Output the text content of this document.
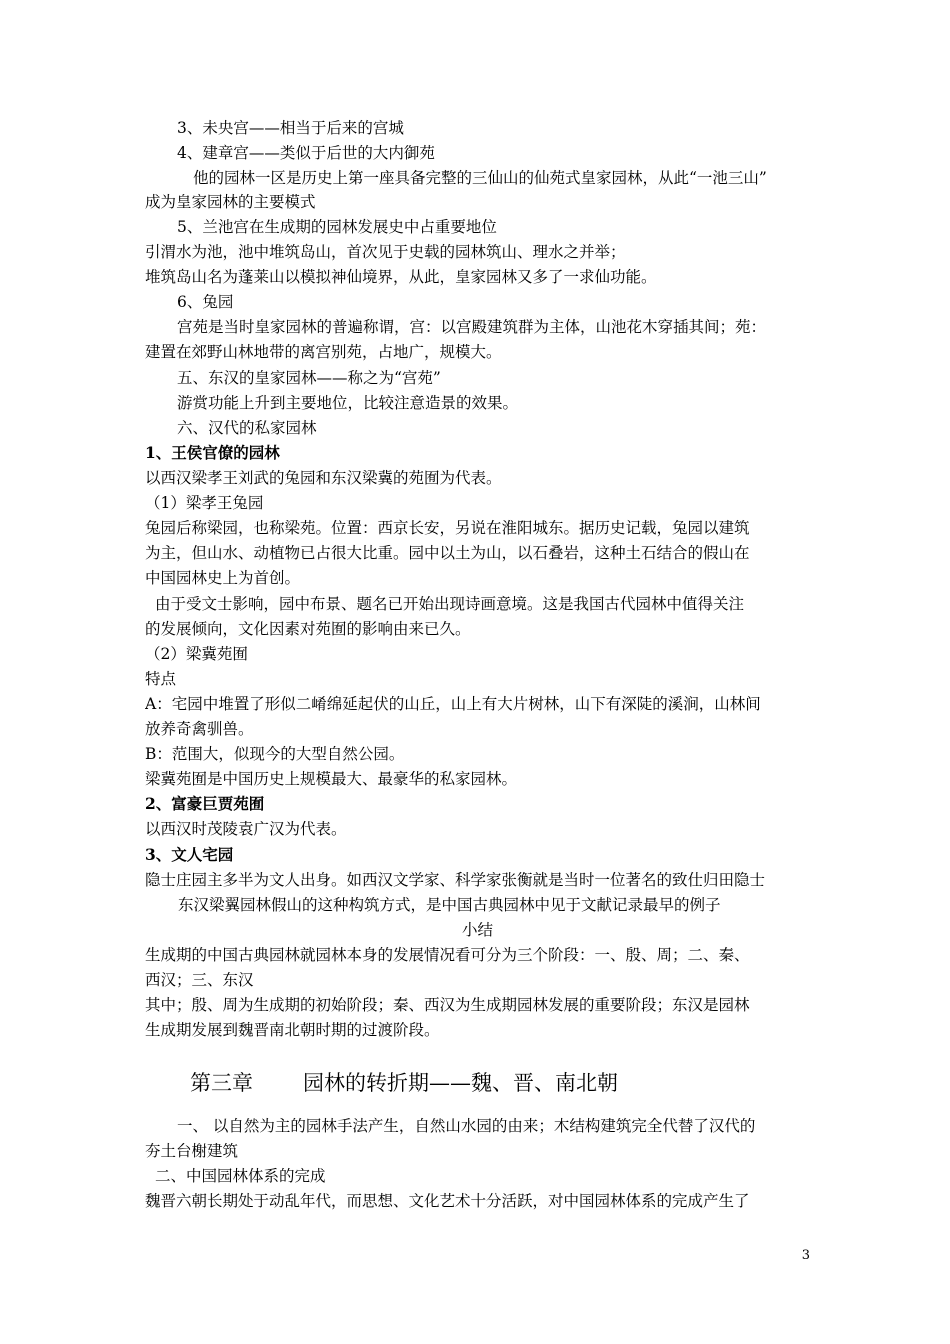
3、未央宫——相当于后来的宫城
4、建章宫——类似于后世的大内御苑
他的园林一区是历史上第一座具备完整的三仙山的仙苑式皇家园林，从此“一池三山”
成为皇家园林的主要模式
5、兰池宫在生成期的园林发展史中占重要地位
引渭水为池，池中堆筑岛山，首次见于史载的园林筑山、理水之并举；
堆筑岛山名为蓬莱山以模拟神仙境界，从此，皇家园林又多了一求仙功能。
6、兔园
宫苑是当时皇家园林的普遍称谓，宫：以宫殿建筑群为主体，山池花木穿插其间；苑：
建置在郊野山林地带的离宫别苑，占地广，规模大。
五、东汉的皇家园林——称之为“宫苑”
游赏功能上升到主要地位，比较注意造景的效果。
六、汉代的私家园林
1、王侯官僚的园林
以西汉梁孝王刘武的兔园和东汉梁冀的苑囿为代表。
（1）梁孝王兔园
兔园后称梁园，也称梁苑。位置：西京长安，另说在淮阳城东。据历史记载，兔园以建筑
为主，但山水、动植物已占很大比重。园中以土为山，以石叠岩，这种土石结合的假山在
中国园林史上为首创。
由于受文士影响，园中布景、题名已开始出现诗画意境。这是我国古代园林中值得关注
的发展倾向，文化因素对苑囿的影响由来已久。
（2）梁冀苑囿
特点
A：宅园中堆置了形似二崤绵延起伏的山丘，山上有大片树林，山下有深陡的溪涧，山林间
放养奇禽驯兽。
B：范围大，似现今的大型自然公园。
梁冀苑囿是中国历史上规模最大、最豪华的私家园林。
2、富豪巨贾苑囿
以西汉时茂陵袁广汉为代表。
3、文人宅园
隐士庄园主多半为文人出身。如西汉文学家、科学家张衡就是当时一位著名的致仕归田隐士
东汉梁翼园林假山的这种构筑方式，是中国古典园林中见于文献记录最早的例子
小结
生成期的中国古典园林就园林本身的发展情况看可分为三个阶段：一、殷、周；二、秦、
西汉；三、东汉
其中；殷、周为生成期的初始阶段；秦、西汉为生成期园林发展的重要阶段；东汉是园林
生成期发展到魏晋南北朝时期的过渡阶段。
第三章 园林的转折期——魏、晋、南北朝
一、 以自然为主的园林手法产生，自然山水园的由来；木结构建筑完全代替了汉代的
夯土台榭建筑
二、中国园林体系的完成
魏晋六朝长期处于动乱年代，而思想、文化艺术十分活跃，对中国园林体系的完成产生了
3
